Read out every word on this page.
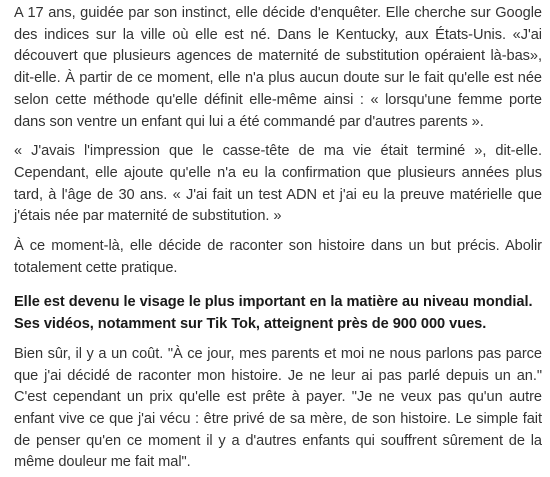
A 17 ans, guidée par son instinct, elle décide d'enquêter. Elle cherche sur Google des indices sur la ville où elle est né. Dans le Kentucky, aux États-Unis. «J'ai découvert que plusieurs agences de maternité de substitution opéraient là-bas», dit-elle. À partir de ce moment, elle n'a plus aucun doute sur le fait qu'elle est née selon cette méthode qu'elle définit elle-même ainsi : « lorsqu'une femme porte dans son ventre un enfant qui lui a été commandé par d'autres parents ».

« J'avais l'impression que le casse-tête de ma vie était terminé », dit-elle. Cependant, elle ajoute qu'elle n'a eu la confirmation que plusieurs années plus tard, à l'âge de 30 ans. « J'ai fait un test ADN et j'ai eu la preuve matérielle que j'étais née par maternité de substitution. »

À ce moment-là, elle décide de raconter son histoire dans un but précis. Abolir totalement cette pratique.

Elle est devenu le visage le plus important en la matière au niveau mondial. Ses vidéos, notamment sur Tik Tok, atteignent près de 900 000 vues.

Bien sûr, il y a un coût. "À ce jour, mes parents et moi ne nous parlons pas parce que j'ai décidé de raconter mon histoire. Je ne leur ai pas parlé depuis un an." C'est cependant un prix qu'elle est prête à payer. "Je ne veux pas qu'un autre enfant vive ce que j'ai vécu : être privé de sa mère, de son histoire. Le simple fait de penser qu'en ce moment il y a d'autres enfants qui souffrent sûrement de la même douleur me fait mal".
